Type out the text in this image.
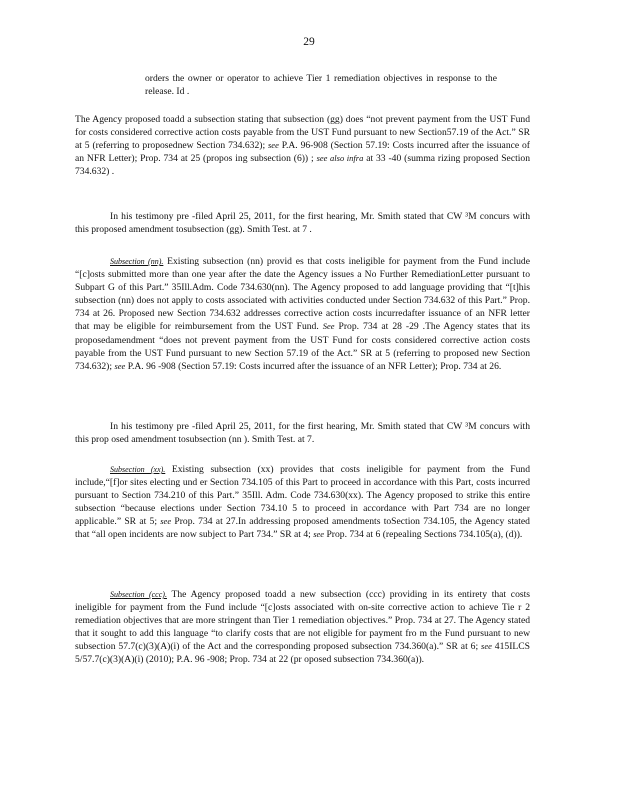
29

orders the owner or operator to achieve Tier 1 remediation objectives in response to the release. Id .

The Agency proposed toadd a subsection stating that subsection (gg) does “not prevent payment from the UST Fund for costs considered corrective action costs payable from the UST Fund pursuant to new Section57.19 of the Act.” SR at 5 (referring to proposednew Section 734.632); see P.A. 96-908 (Section 57.19: Costs incurred after the issuance of an NFR Letter); Prop. 734 at 25 (propos ing subsection (6)) ; see also infra at 33 -40 (summa rizing proposed Section 734.632) .

In his testimony pre -filed April 25, 2011, for the first hearing, Mr. Smith stated that CW ³M concurs with this proposed amendment tosubsection (gg). Smith Test. at 7 .

Subsection (nn). Existing subsection (nn) provid es that costs ineligible for payment from the Fund include “[c]osts submitted more than one year after the date the Agency issues a No Further RemediationLetter pursuant to Subpart G of this Part.” 35Ill.Adm. Code 734.630(nn). The Agency proposed to add language providing that “[t]his subsection (nn) does not apply to costs associated with activities conducted under Section 734.632 of this Part.” Prop. 734 at 26. Proposed new Section 734.632 addresses corrective action costs incurredafter issuance of an NFR letter that may be eligible for reimbursement from the UST Fund. See Prop. 734 at 28 -29 .The Agency states that its proposedamendment “does not prevent payment from the UST Fund for costs considered corrective action costs payable from the UST Fund pursuant to new Section 57.19 of the Act.” SR at 5 (referring to proposed new Section 734.632); see P.A. 96 -908 (Section 57.19: Costs incurred after the issuance of an NFR Letter); Prop. 734 at 26.

In his testimony pre -filed April 25, 2011, for the first hearing, Mr. Smith stated that CW ³M concurs with this prop osed amendment tosubsection (nn ). Smith Test. at 7.

Subsection (xx). Existing subsection (xx) provides that costs ineligible for payment from the Fund include,“[f]or sites electing und er Section 734.105 of this Part to proceed in accordance with this Part, costs incurred pursuant to Section 734.210 of this Part.” 35Ill. Adm. Code 734.630(xx). The Agency proposed to strike this entire subsection “because elections under Section 734.10 5 to proceed in accordance with Part 734 are no longer applicable.” SR at 5; see Prop. 734 at 27.In addressing proposed amendments toSection 734.105, the Agency stated that “all open incidents are now subject to Part 734.” SR at 4; see Prop. 734 at 6 (repealing Sections 734.105(a), (d)).

Subsection (ccc). The Agency proposed toadd a new subsection (ccc) providing in its entirety that costs ineligible for payment from the Fund include “[c]osts associated with on-site corrective action to achieve Tie r 2 remediation objectives that are more stringent than Tier 1 remediation objectives.” Prop. 734 at 27. The Agency stated that it sought to add this language “to clarify costs that are not eligible for payment fro m the Fund pursuant to new subsection 57.7(c)(3)(A)(i) of the Act and the corresponding proposed subsection 734.360(a).” SR at 6; see 415ILCS 5/57.7(c)(3)(A)(i) (2010); P.A. 96 -908; Prop. 734 at 22 (pr oposed subsection 734.360(a)).
